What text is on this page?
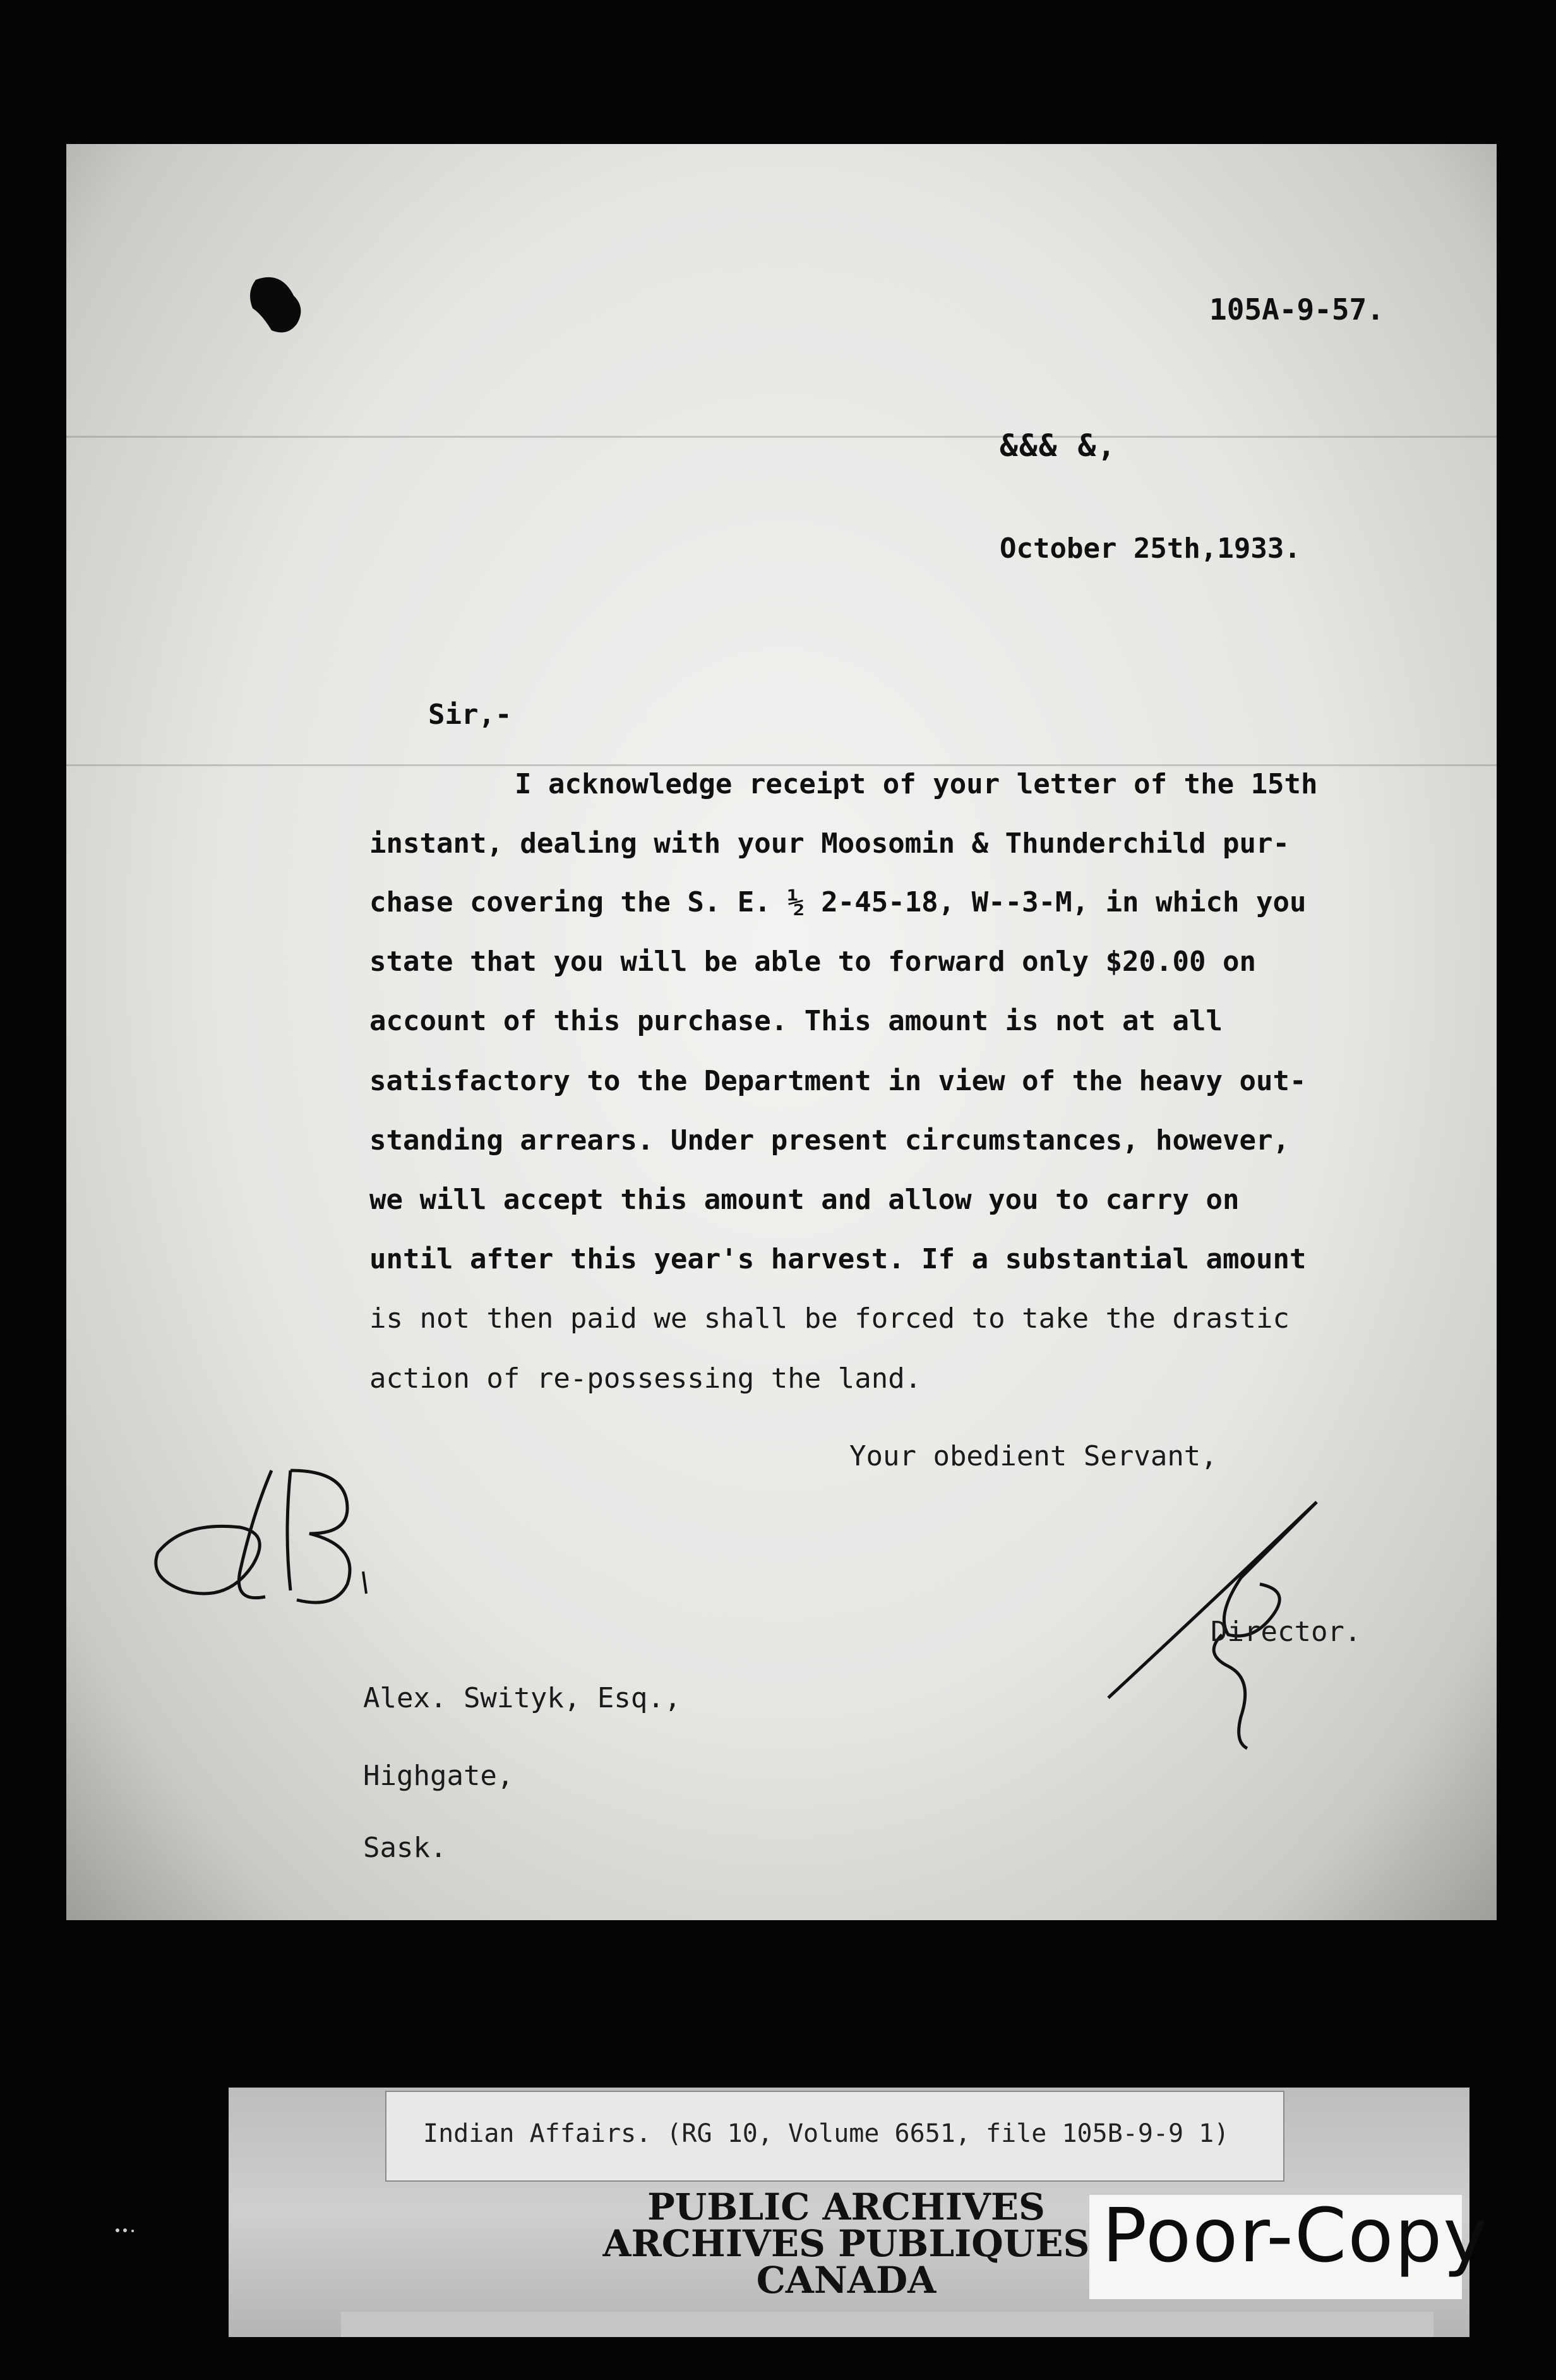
105A-9-57.
&&& &,
October 25th,1933.
Sir,-
I acknowledge receipt of your letter of the 15th
instant, dealing with your Moosomin & Thunderchild pur-
chase covering the S. E. ½ 2-45-18, W--3-M, in which you
state that you will be able to forward only $20.00 on
account of this purchase. This amount is not at all
satisfactory to the Department in view of the heavy out-
standing arrears. Under present circumstances, however,
we will accept this amount and allow you to carry on
until after this year's harvest. If a substantial amount
is not then paid we shall be forced to take the drastic
action of re-possessing the land.
Your obedient Servant,
Director.
Alex. Swityk, Esq.,
Highgate,
Sask.
Indian Affairs. (RG 10, Volume 6651, file 105B-9-9 1)
PUBLIC ARCHIVES
ARCHIVES PUBLIQUES
CANADA
Poor-Copy
